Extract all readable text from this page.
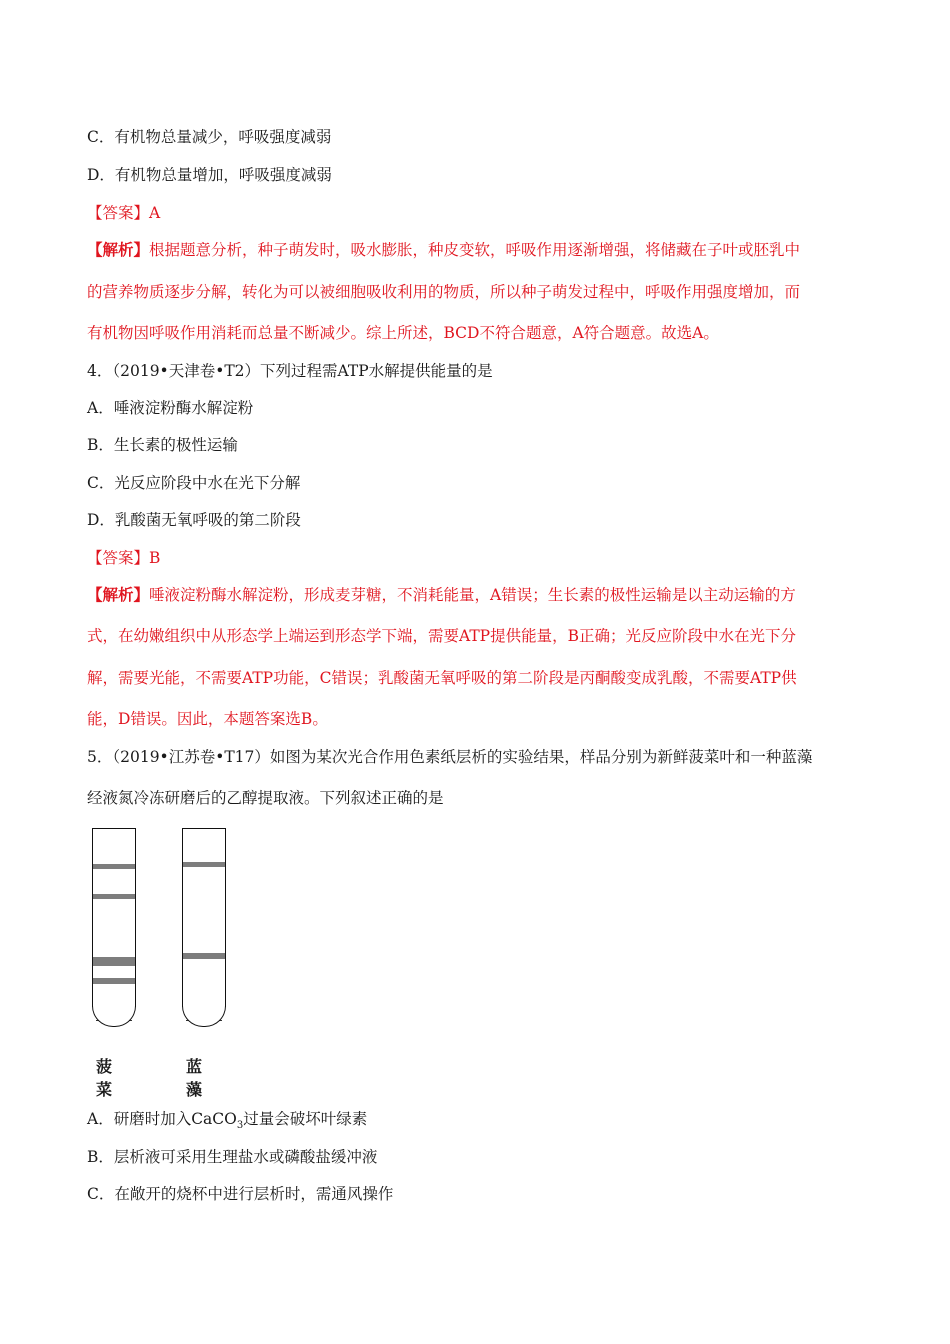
C．有机物总量减少，呼吸强度减弱
D．有机物总量增加，呼吸强度减弱
【答案】A
【解析】根据题意分析，种子萌发时，吸水膨胀，种皮变软，呼吸作用逐渐增强，将储藏在子叶或胚乳中
的营养物质逐步分解，转化为可以被细胞吸收利用的物质，所以种子萌发过程中，呼吸作用强度增加，而
有机物因呼吸作用消耗而总量不断减少。综上所述，BCD不符合题意，A符合题意。故选A。
4．（2019•天津卷•T2）下列过程需ATP水解提供能量的是
A．唾液淀粉酶水解淀粉
B．生长素的极性运输
C．光反应阶段中水在光下分解
D．乳酸菌无氧呼吸的第二阶段
【答案】B
【解析】唾液淀粉酶水解淀粉，形成麦芽糖，不消耗能量，A错误；生长素的极性运输是以主动运输的方
式，在幼嫩组织中从形态学上端运到形态学下端，需要ATP提供能量，B正确；光反应阶段中水在光下分
解，需要光能，不需要ATP功能，C错误；乳酸菌无氧呼吸的第二阶段是丙酮酸变成乳酸，不需要ATP供
能，D错误。因此，本题答案选B。
5．（2019•江苏卷•T17）如图为某次光合作用色素纸层析的实验结果，样品分别为新鲜菠菜叶和一种蓝藻
经液氮冷冻研磨后的乙醇提取液。下列叙述正确的是
菠菜
蓝藻
A．研磨时加入CaCO$_3$过量会破坏叶绿素
B．层析液可采用生理盐水或磷酸盐缓冲液
C．在敞开的烧杯中进行层析时，需通风操作
